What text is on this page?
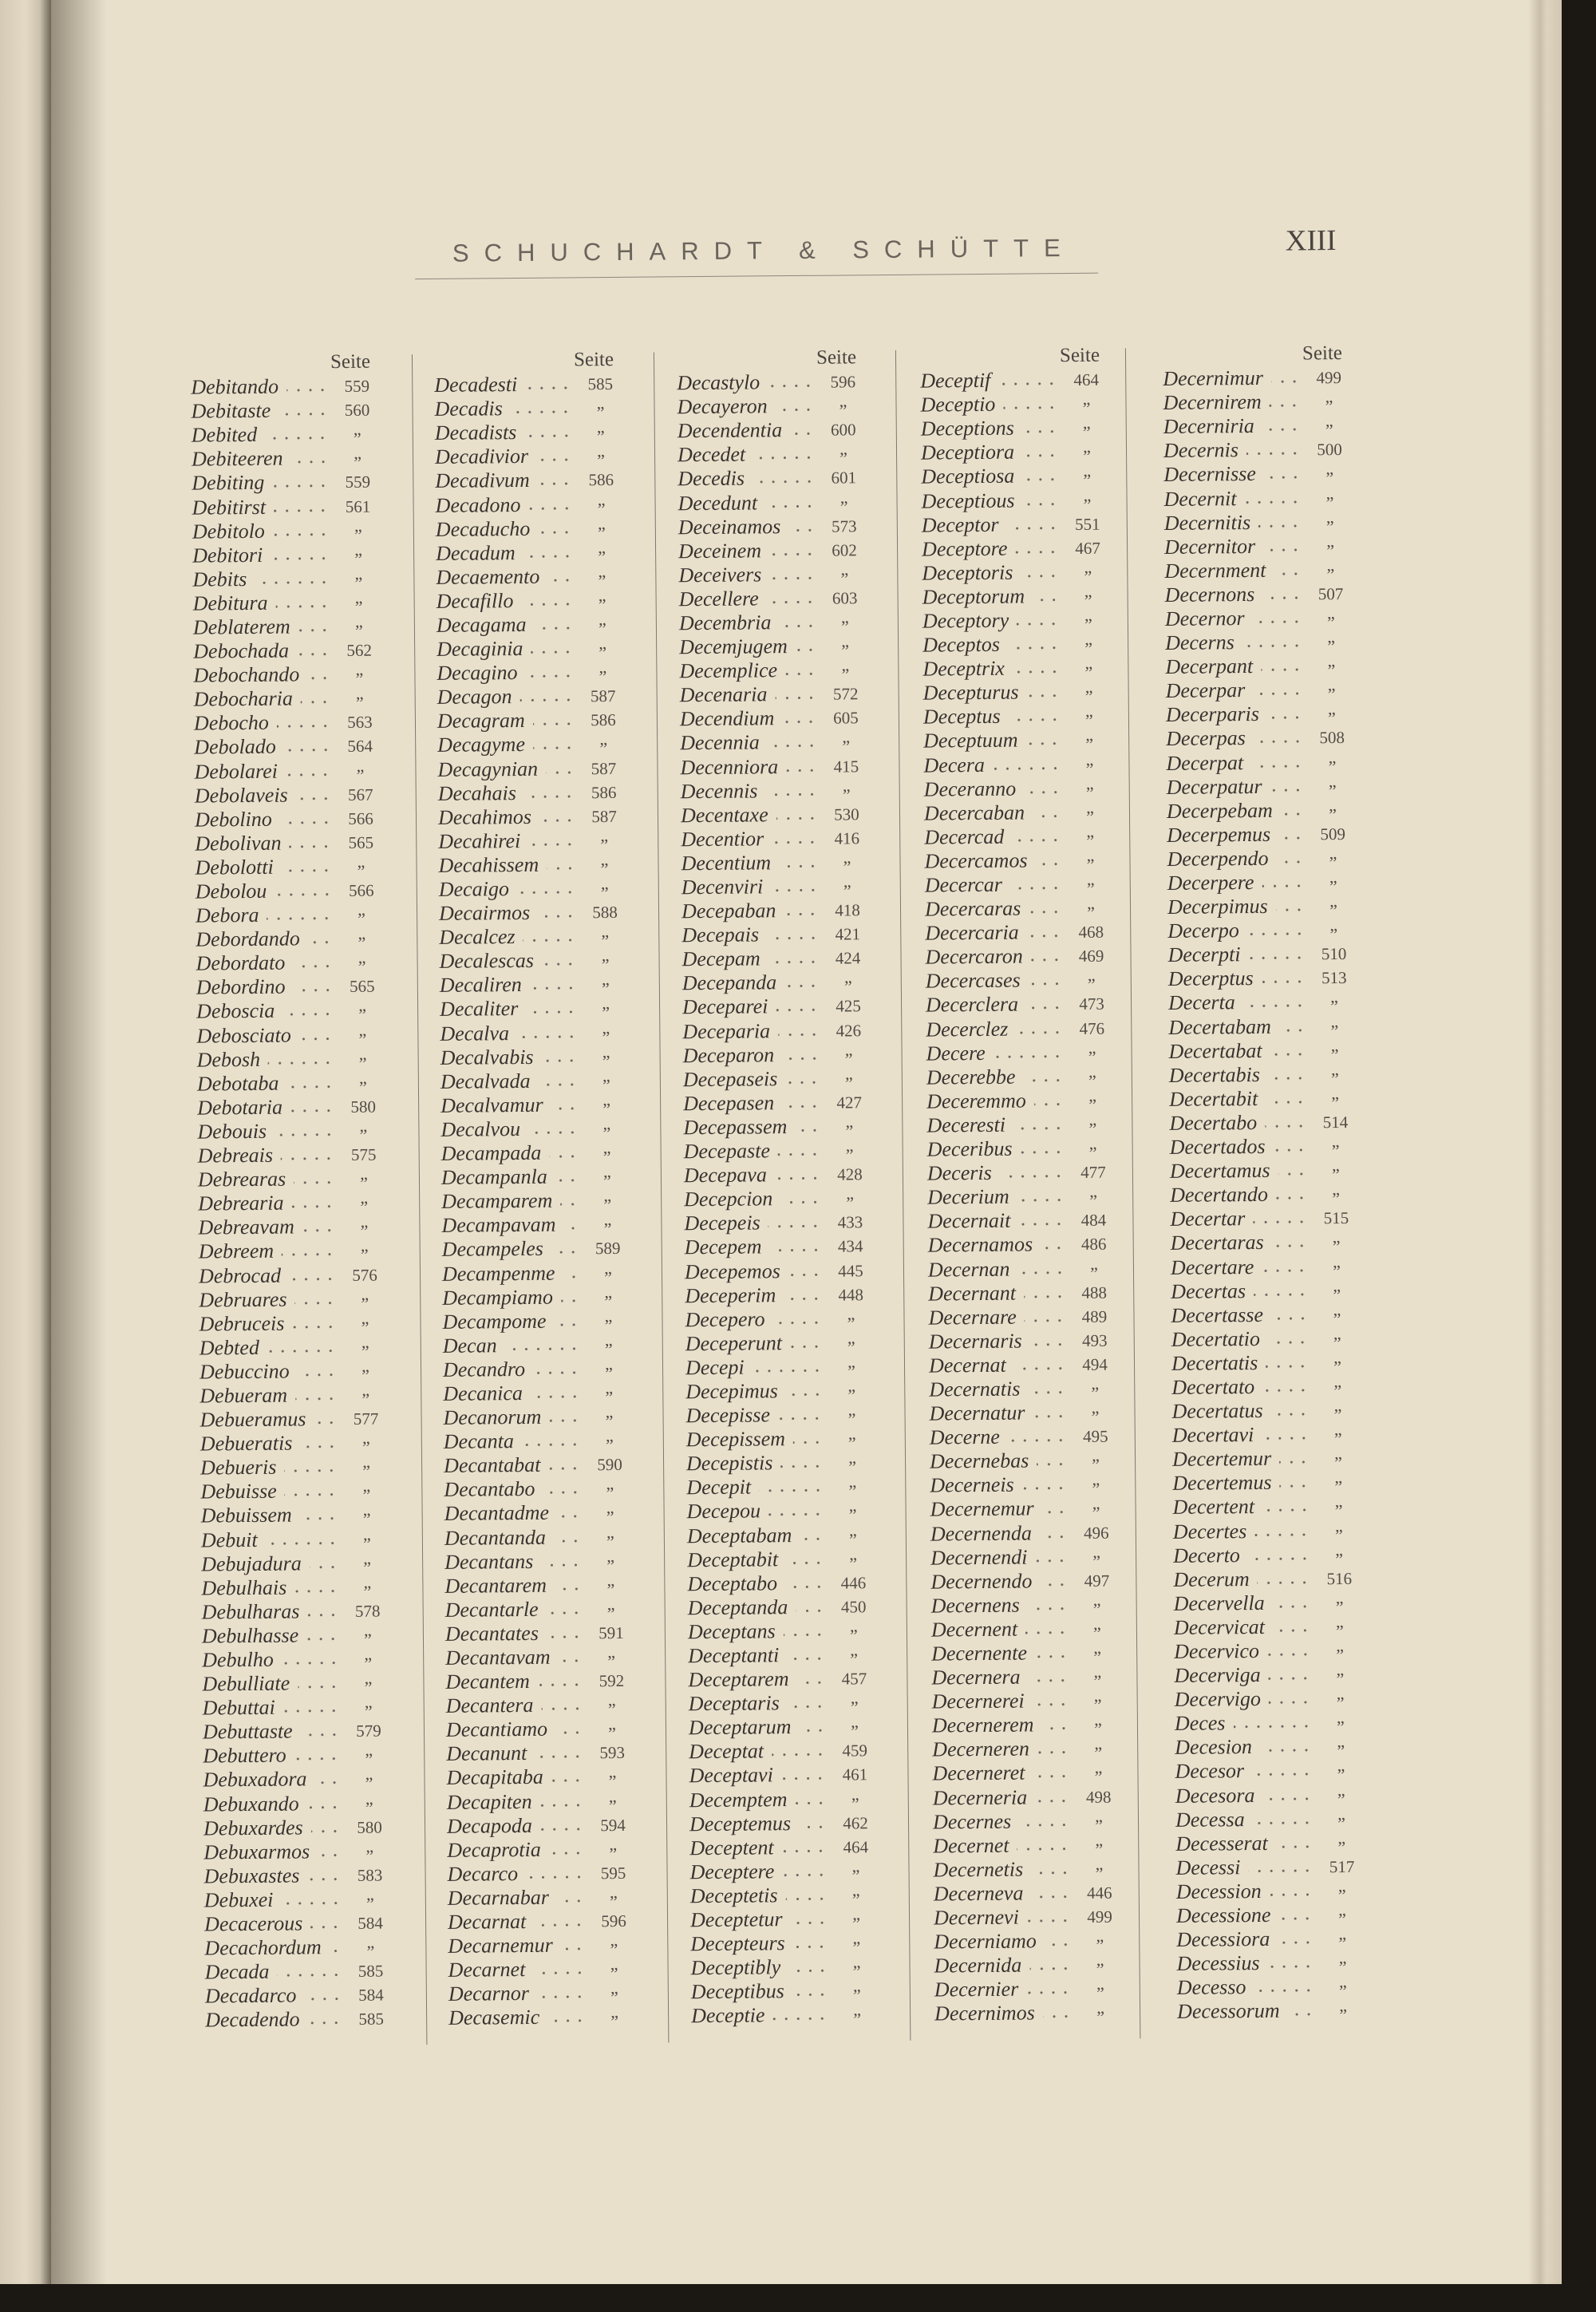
SCHUCHARDT & SCHÜTTE	XIII
Seite
Debitando	559
Debitaste	560
Debited	„
Debiteeren	„
Debiting	559
Debitirst	561
Debitolo	„
Debitori	„
Debits	„
Debitura	„
Deblaterem	„
Debochada	562
Debochando	„
Debocharia	„
Debocho	563
Debolado	564
Debolarei	„
Debolaveis	567
Debolino	566
Debolivan	565
Debolotti	„
Debolou	566
Debora	„
Debordando	„
Debordato	„
Debordino	565
Deboscia	„
Debosciato	„
Debosh	„
Debotaba	„
Debotaria	580
Debouis	„
Debreais	575
Debrearas	„
Debrearia	„
Debreavam	„
Debreem	„
Debrocad	576
Debruares	„
Debruceis	„
Debted	„
Debuccino	„
Debueram	„
Debueramus	577
Debueratis	„
Debueris	„
Debuisse	„
Debuissem	„
Debuit	„
Debujadura	„
Debulhais	„
Debulharas	578
Debulhasse	„
Debulho	„
Debulliate	„
Debuttai	„
Debuttaste	579
Debuttero	„
Debuxadora	„
Debuxando	„
Debuxardes	580
Debuxarmos	„
Debuxastes	583
Debuxei	„
Decacerous	584
Decachordum	„
Decada	585
Decadarco	584
Decadendo	585
Seite
Decadesti	585
Decadis	„
Decadists	„
Decadivior	„
Decadivum	586
Decadono	„
Decaducho	„
Decadum	„
Decaemento	„
Decafillo	„
Decagama	„
Decaginia	„
Decagino	„
Decagon	587
Decagram	586
Decagyme	„
Decagynian	587
Decahais	586
Decahimos	587
Decahirei	„
Decahissem	„
Decaigo	„
Decairmos	588
Decalcez	„
Decalescas	„
Decaliren	„
Decaliter	„
Decalva	„
Decalvabis	„
Decalvada	„
Decalvamur	„
Decalvou	„
Decampada	„
Decampanla	„
Decamparem	„
Decampavam	„
Decampeles	589
Decampenme	„
Decampiamo	„
Decampome	„
Decan	„
Decandro	„
Decanica	„
Decanorum	„
Decanta	„
Decantabat	590
Decantabo	„
Decantadme	„
Decantanda	„
Decantans	„
Decantarem	„
Decantarle	„
Decantates	591
Decantavam	„
Decantem	592
Decantera	„
Decantiamo	„
Decanunt	593
Decapitaba	„
Decapiten	„
Decapoda	594
Decaprotia	„
Decarco	595
Decarnabar	„
Decarnat	596
Decarnemur	„
Decarnet	„
Decarnor	„
Decasemic	„
Seite
Decastylo	596
Decayeron	„
Decendentia	600
Decedet	„
Decedis	601
Decedunt	„
Deceinamos	573
Deceinem	602
Deceivers	„
Decellere	603
Decembria	„
Decemjugem	„
Decemplice	„
Decenaria	572
Decendium	605
Decennia	„
Decenniora	415
Decennis	„
Decentaxe	530
Decentior	416
Decentium	„
Decenviri	„
Decepaban	418
Decepais	421
Decepam	424
Decepanda	„
Deceparei	425
Deceparia	426
Deceparon	„
Decepaseis	„
Decepasen	427
Decepassem	„
Decepaste	„
Decepava	428
Decepcion	„
Decepeis	433
Decepem	434
Decepemos	445
Deceperim	448
Decepero	„
Deceperunt	„
Decepi	„
Decepimus	„
Decepisse	„
Decepissem	„
Decepistis	„
Decepit	„
Decepou	„
Deceptabam	„
Deceptabit	„
Deceptabo	446
Deceptanda	450
Deceptans	„
Deceptanti	„
Deceptarem	457
Deceptaris	„
Deceptarum	„
Deceptat	459
Deceptavi	461
Decemptem	„
Deceptemus	462
Deceptent	464
Deceptere	„
Deceptetis	„
Deceptetur	„
Decepteurs	„
Deceptibly	„
Deceptibus	„
Deceptie	„
Seite
Deceptif	464
Deceptio	„
Deceptions	„
Deceptiora	„
Deceptiosa	„
Deceptious	„
Deceptor	551
Deceptore	467
Deceptoris	„
Deceptorum	„
Deceptory	„
Deceptos	„
Deceptrix	„
Decepturus	„
Deceptus	„
Deceptuum	„
Decera	„
Deceranno	„
Decercaban	„
Decercad	„
Decercamos	„
Decercar	„
Decercaras	„
Decercaria	468
Decercaron	469
Decercases	„
Decerclera	473
Decerclez	476
Decere	„
Decerebbe	„
Deceremmo	„
Deceresti	„
Deceribus	„
Deceris	477
Decerium	„
Decernait	484
Decernamos	486
Decernan	„
Decernant	488
Decernare	489
Decernaris	493
Decernat	494
Decernatis	„
Decernatur	„
Decerne	495
Decernebas	„
Decerneis	„
Decernemur	„
Decernenda	496
Decernendi	„
Decernendo	497
Decernens	„
Decernent	„
Decernente	„
Decernera	„
Decernerei	„
Decernerem	„
Decerneren	„
Decerneret	„
Decerneria	498
Decernes	„
Decernet	„
Decernetis	„
Decerneva	446
Decernevi	499
Decerniamo	„
Decernida	„
Decernier	„
Decernimos	„
Seite
Decernimur	499
Decernirem	„
Decerniria	„
Decernis	500
Decernisse	„
Decernit	„
Decernitis	„
Decernitor	„
Decernment	„
Decernons	507
Decernor	„
Decerns	„
Decerpant	„
Decerpar	„
Decerparis	„
Decerpas	508
Decerpat	„
Decerpatur	„
Decerpebam	„
Decerpemus	509
Decerpendo	„
Decerpere	„
Decerpimus	„
Decerpo	„
Decerpti	510
Decerptus	513
Decerta	„
Decertabam	„
Decertabat	„
Decertabis	„
Decertabit	„
Decertabo	514
Decertados	„
Decertamus	„
Decertando	„
Decertar	515
Decertaras	„
Decertare	„
Decertas	„
Decertasse	„
Decertatio	„
Decertatis	„
Decertato	„
Decertatus	„
Decertavi	„
Decertemur	„
Decertemus	„
Decertent	„
Decertes	„
Decerto	„
Decerum	516
Decervella	„
Decervicat	„
Decervico	„
Decerviga	„
Decervigo	„
Deces	„
Decesion	„
Decesor	„
Decesora	„
Decessa	„
Decesserat	„
Decessi	517
Decession	„
Decessione	„
Decessiora	„
Decessius	„
Decesso	„
Decessorum	„
